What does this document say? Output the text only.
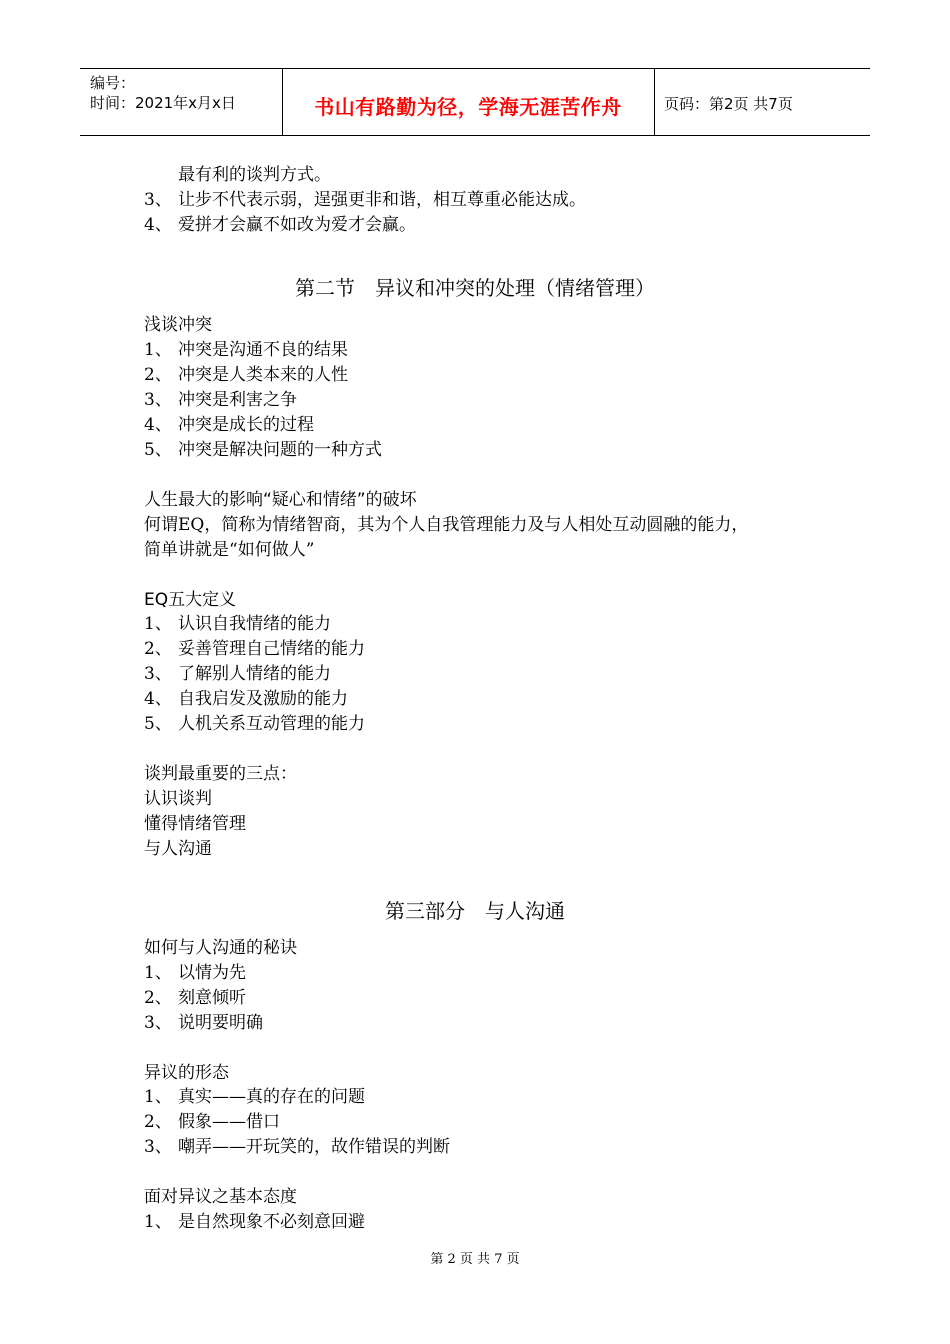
编号：
时间：2021年x月x日	书山有路勤为径，学海无涯苦作舟	页码：第2页 共7页
最有利的谈判方式。
3、 让步不代表示弱，逞强更非和谐，相互尊重必能达成。
4、 爱拼才会赢不如改为爱才会赢。
第二节　异议和冲突的处理（情绪管理）
浅谈冲突
1、 冲突是沟通不良的结果
2、 冲突是人类本来的人性
3、 冲突是利害之争
4、 冲突是成长的过程
5、 冲突是解决问题的一种方式
人生最大的影响“疑心和情绪”的破坏
何谓EQ，简称为情绪智商，其为个人自我管理能力及与人相处互动圆融的能力，
简单讲就是“如何做人”
EQ五大定义
1、 认识自我情绪的能力
2、 妥善管理自己情绪的能力
3、 了解别人情绪的能力
4、 自我启发及激励的能力
5、 人机关系互动管理的能力
谈判最重要的三点：
认识谈判
懂得情绪管理
与人沟通
第三部分　与人沟通
如何与人沟通的秘诀
1、 以情为先
2、 刻意倾听
3、 说明要明确
异议的形态
1、 真实——真的存在的问题
2、 假象——借口
3、 嘲弄——开玩笑的，故作错误的判断
面对异议之基本态度
1、 是自然现象不必刻意回避
第 2 页 共 7 页
